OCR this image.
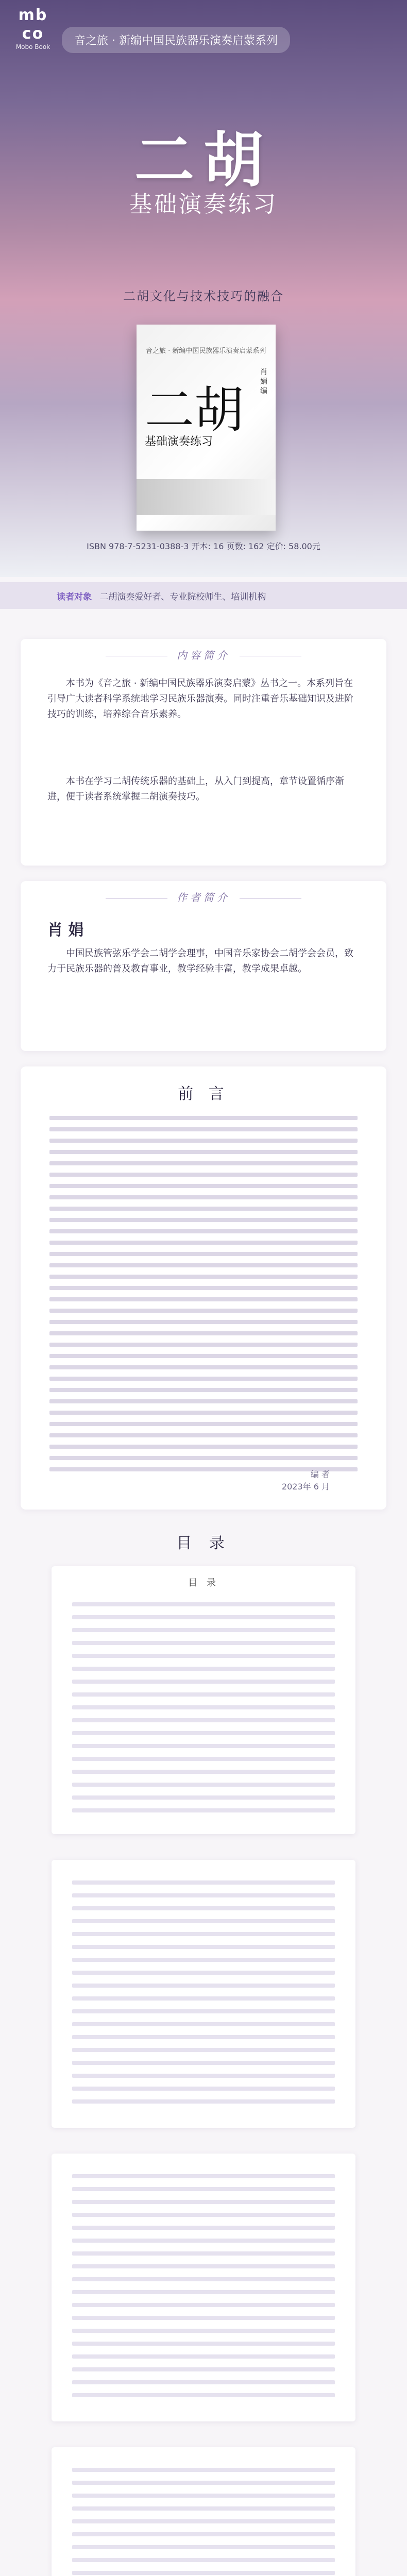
mb co
Mobo Book	音之旅 · 新编中国民族器乐演奏启蒙系列
二胡
基础演奏练习
二胡文化与技术技巧的融合
音之旅 · 新编中国民族器乐演奏启蒙系列
二胡
基础演奏练习
肖 娟 编
ISBN 978-7-5231-0388-3 开本: 16 页数: 162 定价: 58.00元
读者对象 二胡演奏爱好者、专业院校师生、培训机构
内容简介

本书为《音之旅 · 新编中国民族器乐演奏启蒙》丛书之一。本系列旨在引导广大读者科学系统地学习民族乐器演奏。同时注重音乐基础知识及进阶技巧的训练，培养综合音乐素养。

本书在学习二胡传统乐器的基础上，从入门到提高，章节设置循序渐进，便于读者系统掌握二胡演奏技巧。

作者简介
肖 娟
中国民族管弦乐学会二胡学会理事，中国音乐家协会二胡学会会员，致力于民族乐器的普及教育事业，教学经验丰富，教学成果卓越。
前 言
编 者
2023年 6 月
目 录
目 录
